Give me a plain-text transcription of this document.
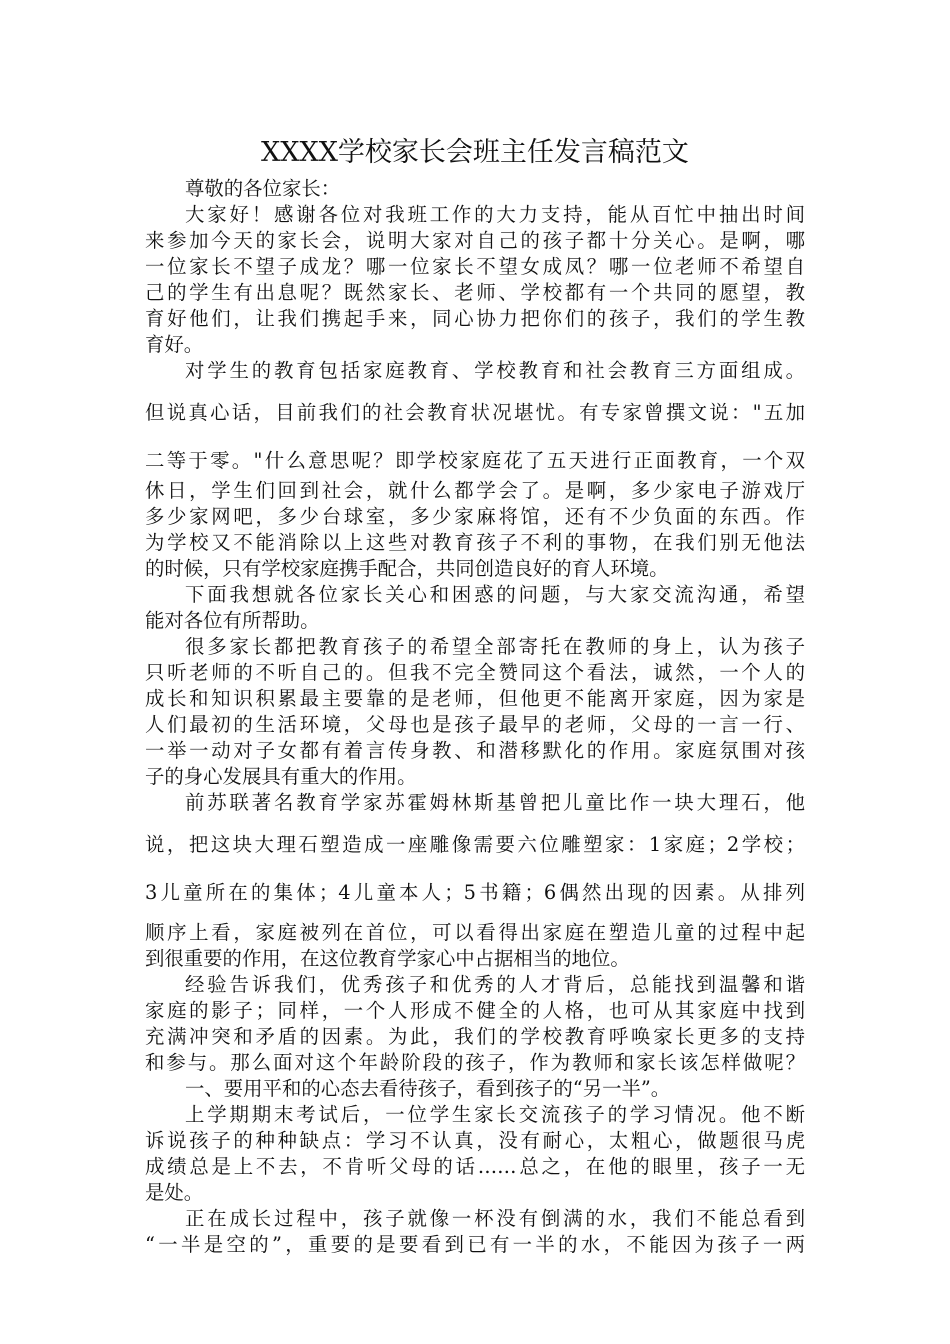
XXXX学校家长会班主任发言稿范文
尊敬的各位家长：
大家好！感谢各位对我班工作的大力支持，能从百忙中抽出时间
来参加今天的家长会，说明大家对自己的孩子都十分关心。是啊，哪
一位家长不望子成龙？哪一位家长不望女成凤？哪一位老师不希望自
己的学生有出息呢？既然家长、老师、学校都有一个共同的愿望，教
育好他们，让我们携起手来，同心协力把你们的孩子，我们的学生教
育好。
对学生的教育包括家庭教育、学校教育和社会教育三方面组成。
但说真心话，目前我们的社会教育状况堪忧。有专家曾撰文说："五加
二等于零。"什么意思呢？即学校家庭花了五天进行正面教育，一个双
休日，学生们回到社会，就什么都学会了。是啊，多少家电子游戏厅
多少家网吧，多少台球室，多少家麻将馆，还有不少负面的东西。作
为学校又不能消除以上这些对教育孩子不利的事物，在我们别无他法
的时候，只有学校家庭携手配合，共同创造良好的育人环境。
下面我想就各位家长关心和困惑的问题，与大家交流沟通，希望
能对各位有所帮助。
很多家长都把教育孩子的希望全部寄托在教师的身上，认为孩子
只听老师的不听自己的。但我不完全赞同这个看法，诚然，一个人的
成长和知识积累最主要靠的是老师，但他更不能离开家庭，因为家是
人们最初的生活环境，父母也是孩子最早的老师，父母的一言一行、
一举一动对子女都有着言传身教、和潜移默化的作用。家庭氛围对孩
子的身心发展具有重大的作用。
前苏联著名教育学家苏霍姆林斯基曾把儿童比作一块大理石，他
说，把这块大理石塑造成一座雕像需要六位雕塑家：1家庭；2学校；
3儿童所在的集体；4儿童本人；5书籍；6偶然出现的因素。从排列
顺序上看，家庭被列在首位，可以看得出家庭在塑造儿童的过程中起
到很重要的作用，在这位教育学家心中占据相当的地位。
经验告诉我们，优秀孩子和优秀的人才背后，总能找到温馨和谐
家庭的影子；同样，一个人形成不健全的人格，也可从其家庭中找到
充满冲突和矛盾的因素。为此，我们的学校教育呼唤家长更多的支持
和参与。那么面对这个年龄阶段的孩子，作为教师和家长该怎样做呢？
一、要用平和的心态去看待孩子，看到孩子的“另一半”。
上学期期末考试后，一位学生家长交流孩子的学习情况。他不断
诉说孩子的种种缺点：学习不认真，没有耐心，太粗心，做题很马虎
成绩总是上不去，不肯听父母的话……总之，在他的眼里，孩子一无
是处。
正在成长过程中，孩子就像一杯没有倒满的水，我们不能总看到
“一半是空的”，重要的是要看到已有一半的水，不能因为孩子一两
